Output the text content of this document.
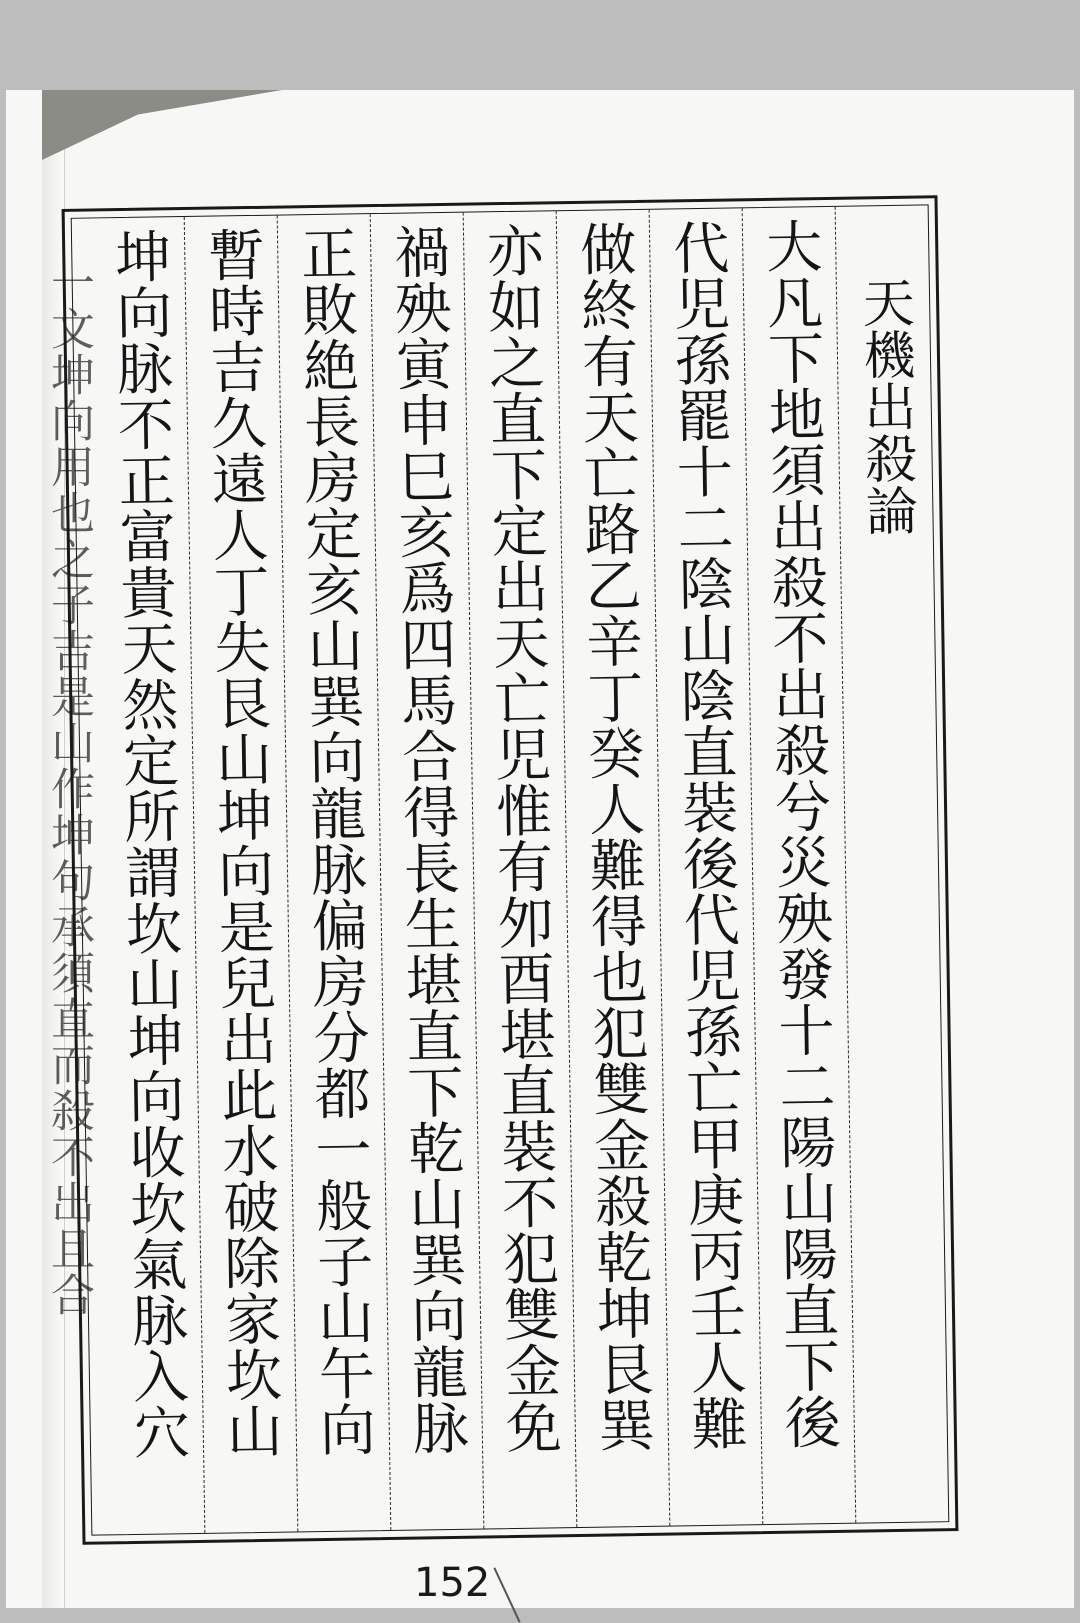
一文坤向用也之子吉是山作坤句承須直而殺不出且合	天機出殺論
大凡下地須出殺不出殺兮災殃發十二陽山陽直下後
代児孫罷十二陰山陰直裝後代児孫亡甲庚丙壬人難
做終有天亡路乙辛丁癸人難得也犯雙金殺乾坤艮巽
亦如之直下定出天亡児惟有夘酉堪直裝不犯雙金免
禍殃寅申巳亥爲四馬合得長生堪直下乾山巽向龍脉
正敗絶長房定亥山巽向龍脉偏房分都一般子山午向
暫時吉久遠人丁失艮山坤向是兒出此水破除家坎山
坤向脉不正富貴天然定所謂坎山坤向收坎氣脉入穴
152
